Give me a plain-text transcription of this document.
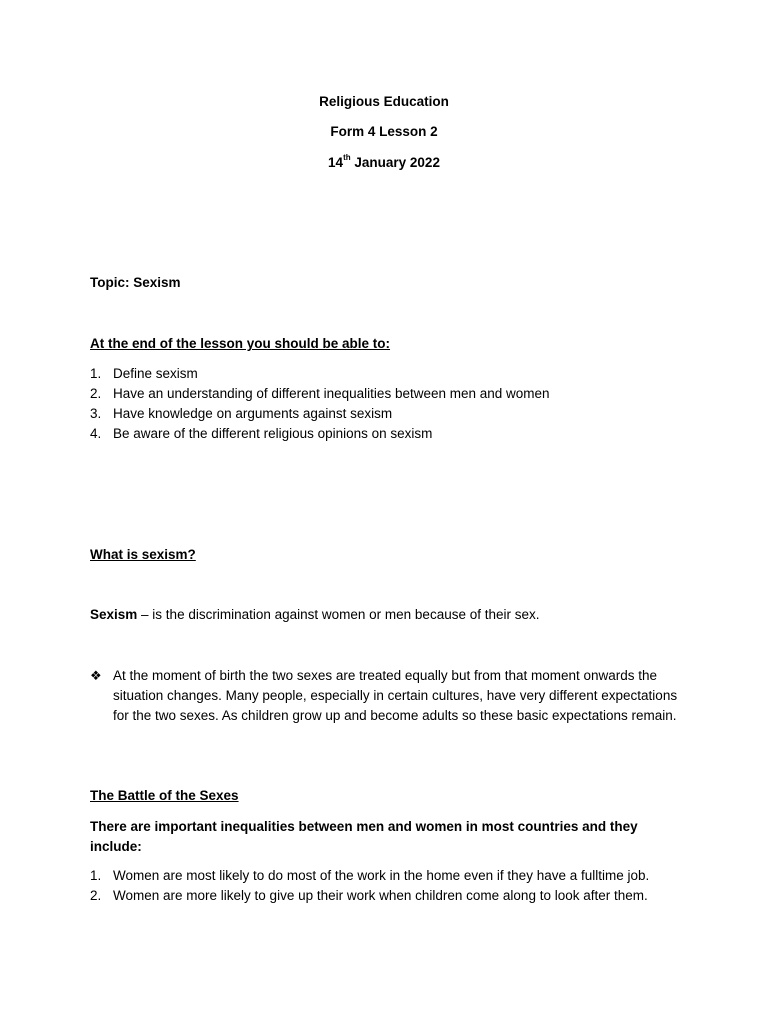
Religious Education
Form 4 Lesson 2
14th January 2022
Topic: Sexism
At the end of the lesson you should be able to:
1. Define sexism
2. Have an understanding of different inequalities between men and women
3. Have knowledge on arguments against sexism
4. Be aware of the different religious opinions on sexism
What is sexism?
Sexism – is the discrimination against women or men because of their sex.
❖ At the moment of birth the two sexes are treated equally but from that moment onwards the situation changes. Many people, especially in certain cultures, have very different expectations for the two sexes. As children grow up and become adults so these basic expectations remain.
The Battle of the Sexes
There are important inequalities between men and women in most countries and they include:
1. Women are most likely to do most of the work in the home even if they have a fulltime job.
2. Women are more likely to give up their work when children come along to look after them.
